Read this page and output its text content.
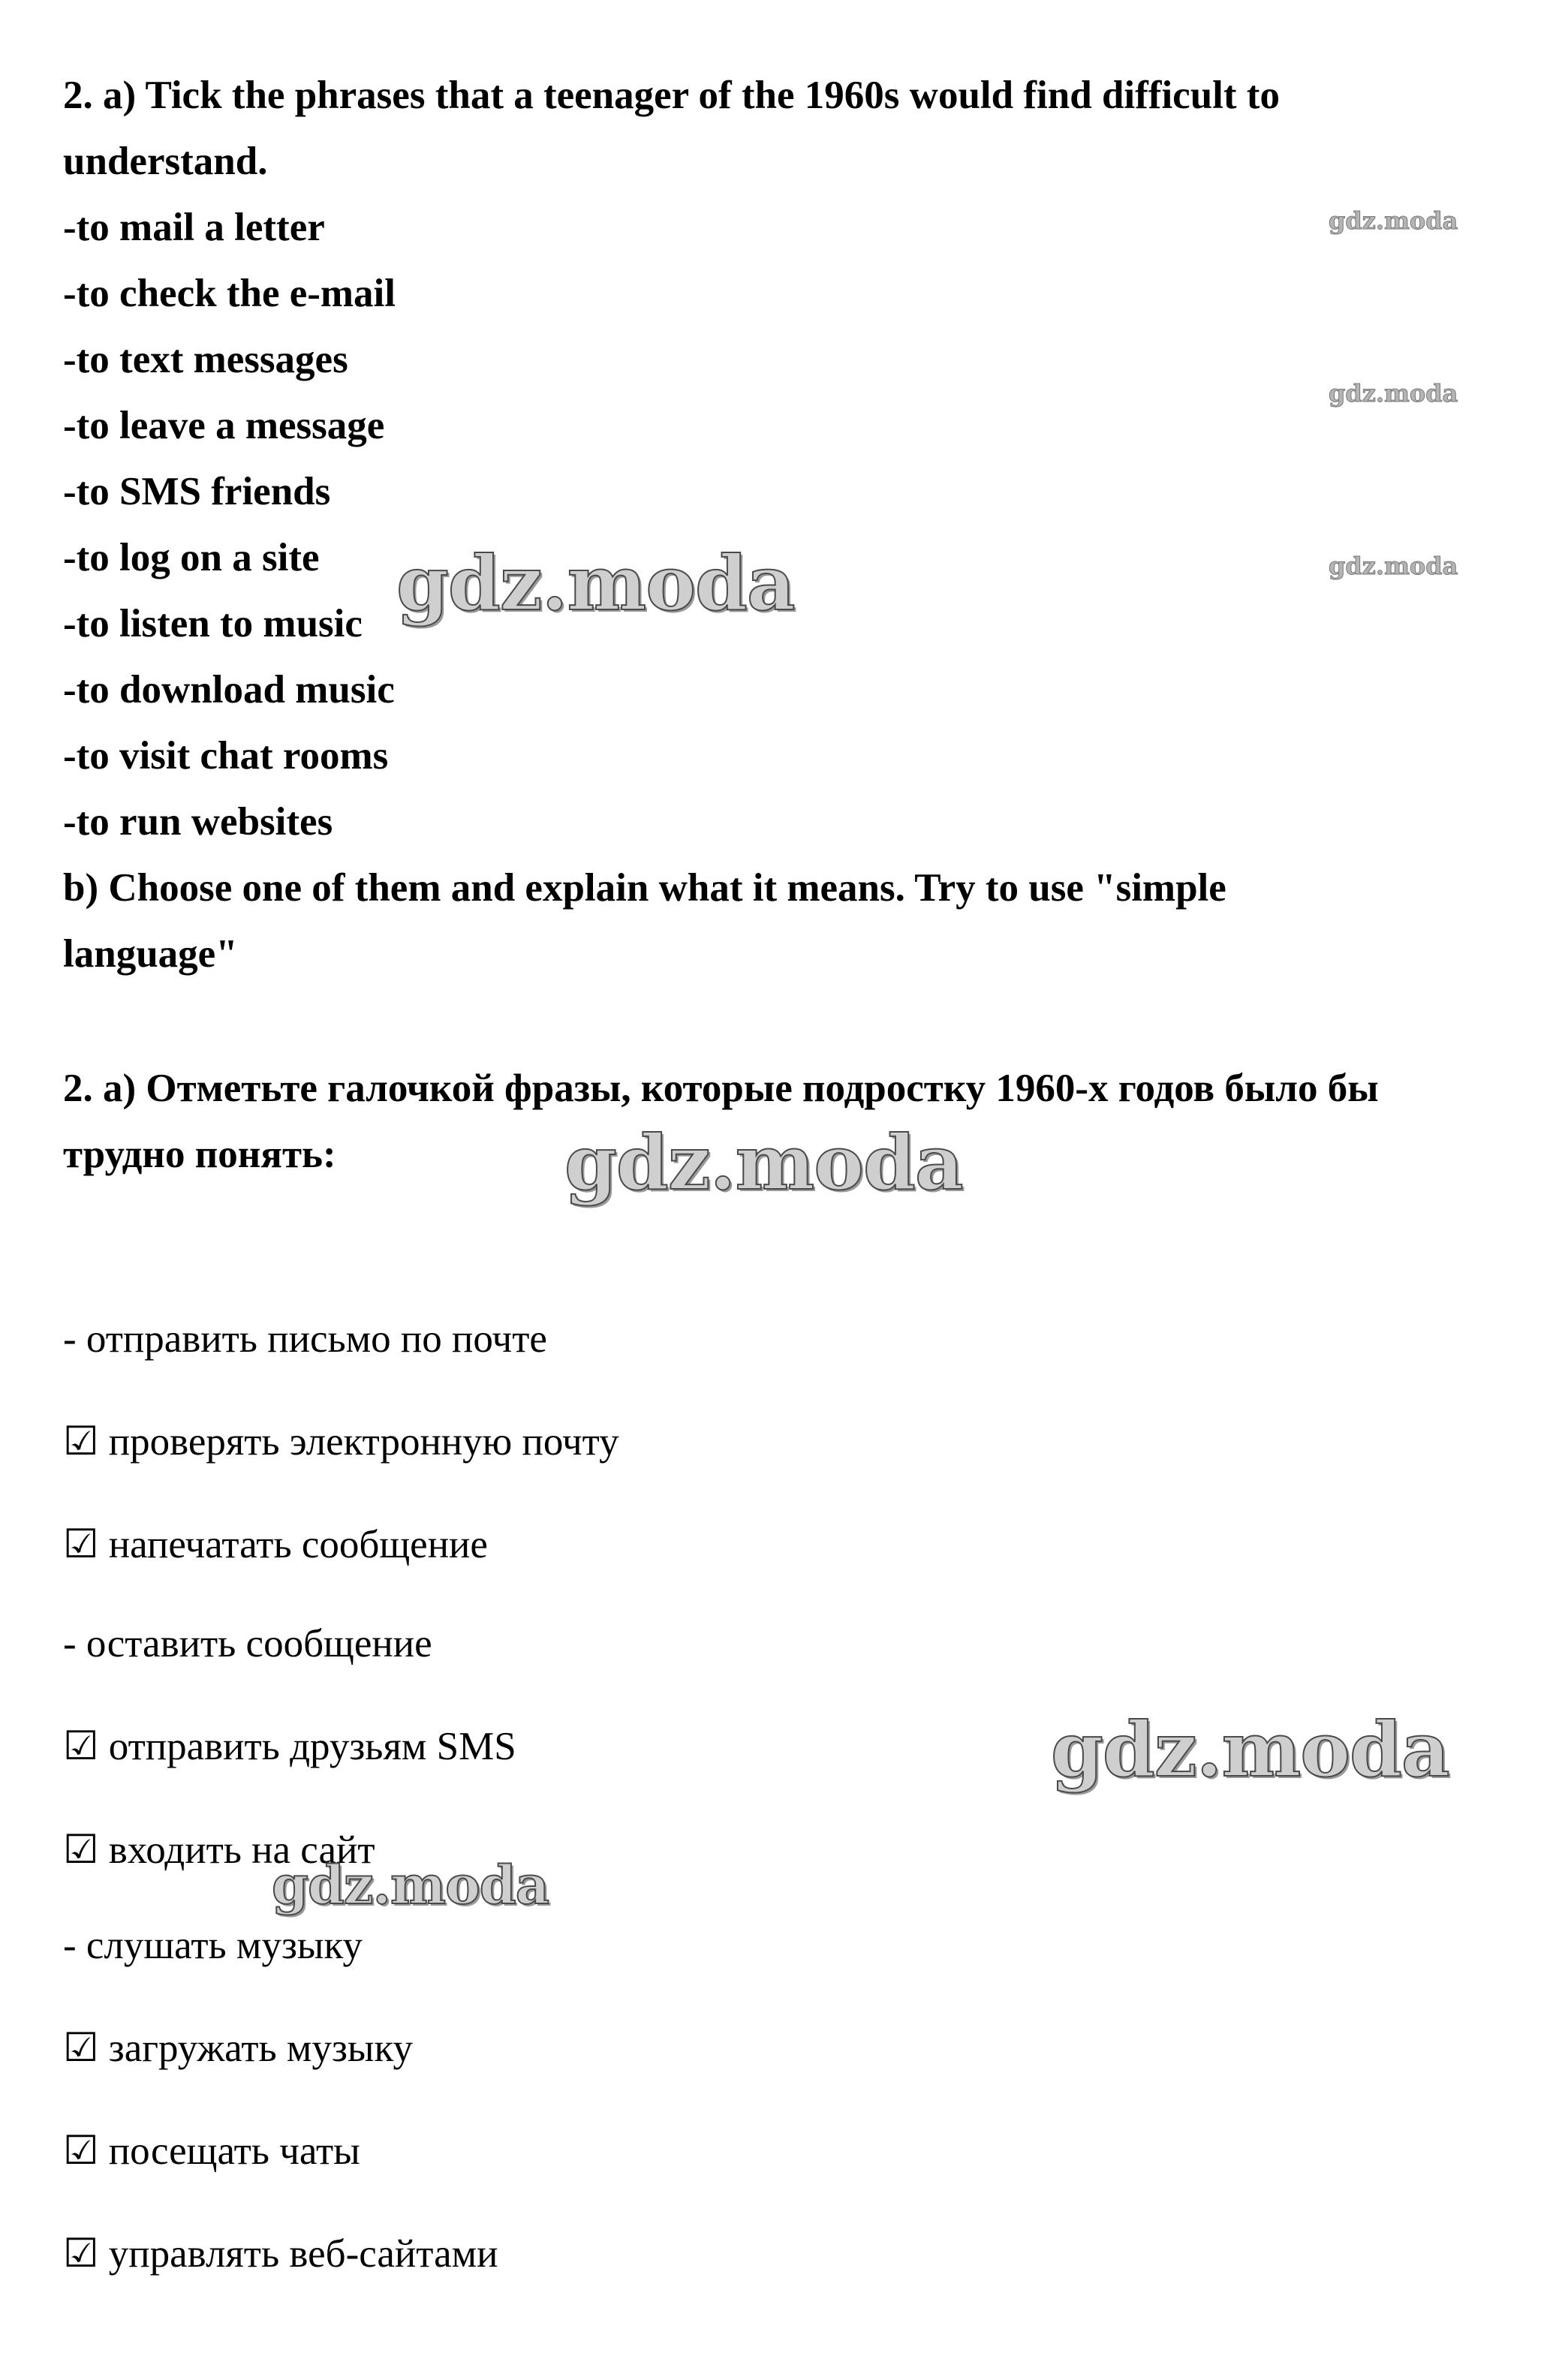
2. a) Tick the phrases that a teenager of the 1960s would find difficult to
understand.
-to mail a letter
-to check the e-mail
-to text messages
-to leave a message
-to SMS friends
-to log on a site
-to listen to music
-to download music
-to visit chat rooms
-to run websites
b) Choose one of them and explain what it means. Try to use "simple
language"
2. а) Отметьте галочкой фразы, которые подростку 1960-х годов было бы
трудно понять:
- отправить письмо по почте
☑ проверять электронную почту
☑ напечатать сообщение
- оставить сообщение
☑ отправить друзьям SMS
☑ входить на сайт
- слушать музыку
☑ загружать музыку
☑ посещать чаты
☑ управлять веб-сайтами
gdz.moda
gdz.moda
gdz.moda
gdz.moda
gdz.moda
gdz.moda
gdz.moda
